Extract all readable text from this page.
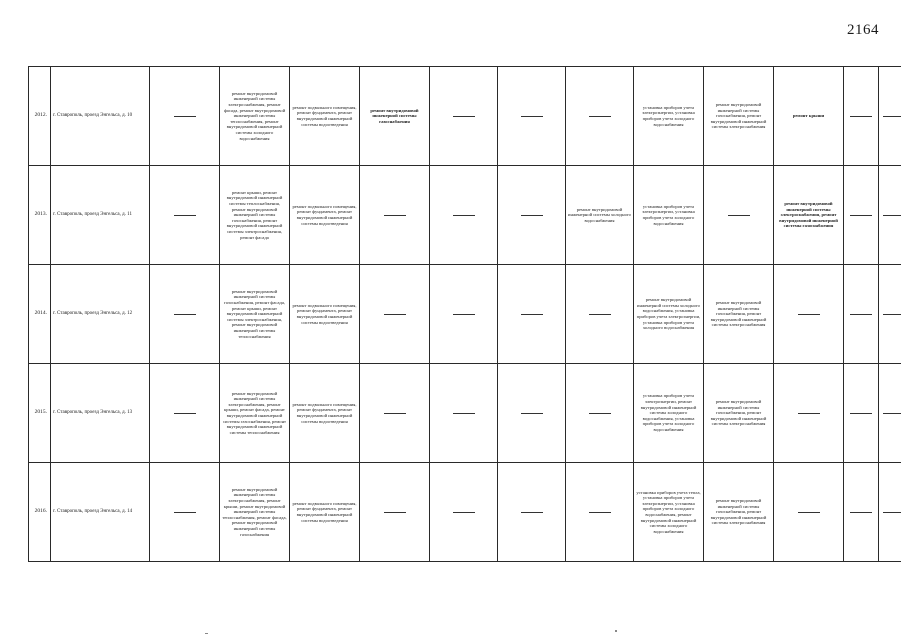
2164
2012.	г. Ставрополь, проезд Энгельса, д. 10		ремонт внутридомовой инженерной системы электроснабжения, ремонт фасада, ремонт внутридомовой инженерной системы теплоснабжения, ремонт внутридомовой инженерной системы холодного водоснабжения	ремонт подвального помещения, ремонт фундамента, ремонт внутридомовой инженерной системы водоотведения	ремонт внутридомовой инженерной системы газоснабжения				установка приборов учета электроэнергии, установка приборов учета холодного водоснабжения	ремонт внутридомовой инженерной системы газоснабжения, ремонт внутридомовой инженерной системы электроснабжения	ремонт крыши		
2013.	г. Ставрополь, проезд Энгельса, д. 11		ремонт крыши, ремонт внутридомовой инженерной системы теплоснабжения, ремонт внутридомовой инженерной системы газоснабжения, ремонт внутридомовой инженерной системы электроснабжения, ремонт фасада	ремонт подвального помещения, ремонт фундамента, ремонт внутридомовой инженерной системы водоотведения				ремонт внутридомовой инженерной системы холодного водоснабжения	установка приборов учета электроэнергии, установка приборов учета холодного водоснабжения		ремонт внутридомовой инженерной системы электроснабжения, ремонт внутридомовой инженерной системы газоснабжения		
2014.	г. Ставрополь, проезд Энгельса, д. 12		ремонт внутридомовой инженерной системы газоснабжения, ремонт фасада, ремонт крыши, ремонт внутридомовой инженерной системы электроснабжения, ремонт внутридомовой инженерной системы теплоснабжения	ремонт подвального помещения, ремонт фундамента, ремонт внутридомовой инженерной системы водоотведения					ремонт внутридомовой инженерной системы холодного водоснабжения, установка приборов учета электроэнергии, установка приборов учета холодного водоснабжения	ремонт внутридомовой инженерной системы газоснабжения, ремонт внутридомовой инженерной системы электроснабжения			
2015.	г. Ставрополь, проезд Энгельса, д. 13		ремонт внутридомовой инженерной системы электроснабжения, ремонт крыши, ремонт фасада, ремонт внутридомовой инженерной системы газоснабжения, ремонт внутридомовой инженерной системы теплоснабжения	ремонт подвального помещения, ремонт фундамента, ремонт внутридомовой инженерной системы водоотведения					установка приборов учета электроэнергии, ремонт внутридомовой инженерной системы холодного водоснабжения, установка приборов учета холодного водоснабжения	ремонт внутридомовой инженерной системы газоснабжения, ремонт внутридомовой инженерной системы электроснабжения			
2016.	г. Ставрополь, проезд Энгельса, д. 14		ремонт внутридомовой инженерной системы электроснабжения, ремонт крыши, ремонт внутридомовой инженерной системы теплоснабжения, ремонт фасада, ремонт внутридомовой инженерной системы газоснабжения	ремонт подвального помещения, ремонт фундамента, ремонт внутридомовой инженерной системы водоотведения					установка приборов учета тепла, установка приборов учета электроэнергии, установка приборов учета холодного водоснабжения, ремонт внутридомовой инженерной системы холодного водоснабжения	ремонт внутридомовой инженерной системы газоснабжения, ремонт внутридомовой инженерной системы электроснабжения			
